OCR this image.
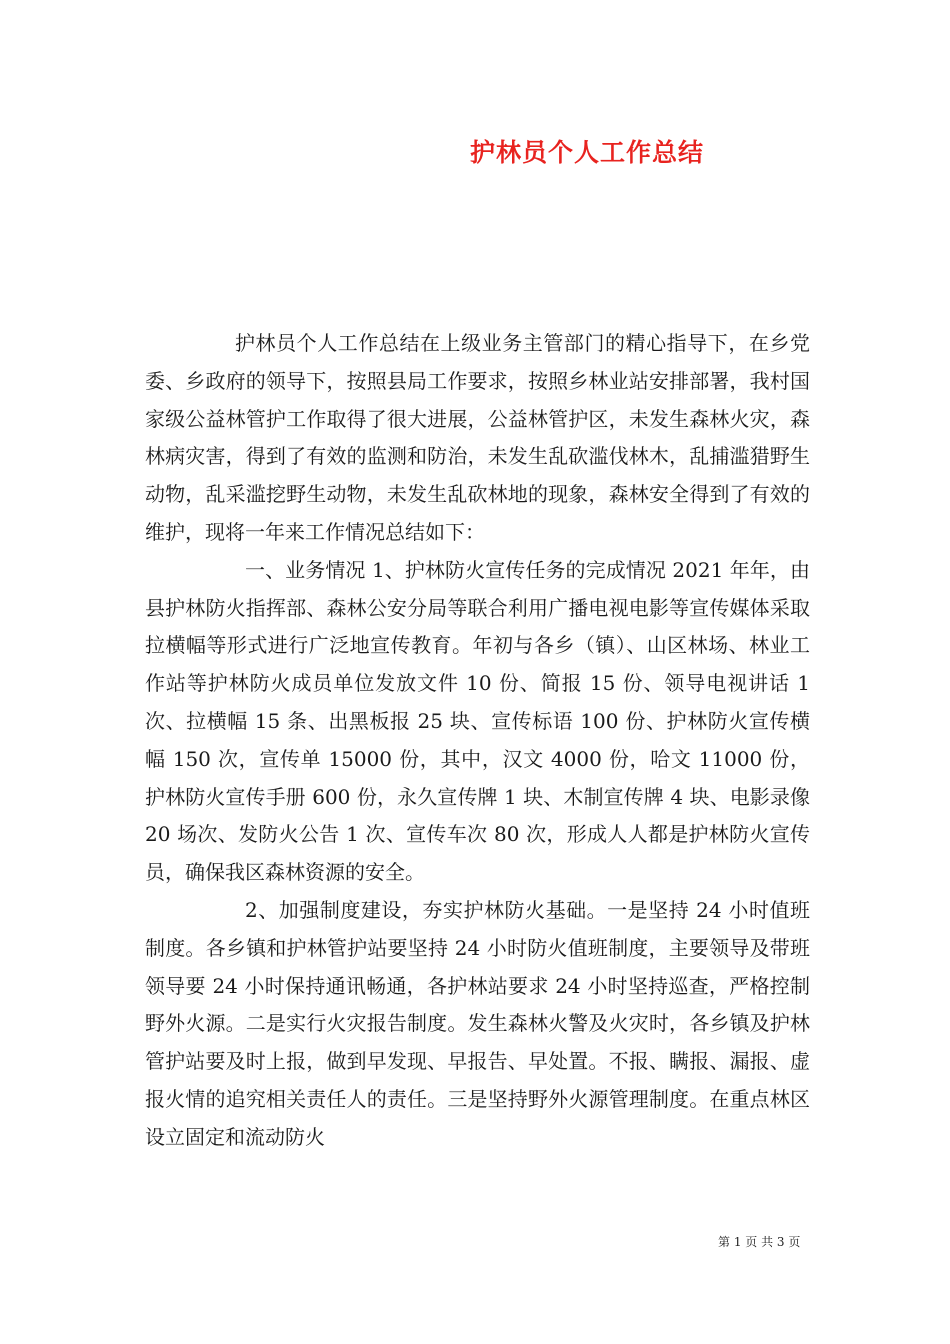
护林员个人工作总结

护林员个人工作总结在上级业务主管部门的精心指导下，在乡党委、乡政府的领导下，按照县局工作要求，按照乡林业站安排部署，我村国家级公益林管护工作取得了很大进展，公益林管护区，未发生森林火灾，森林病灾害，得到了有效的监测和防治，未发生乱砍滥伐林木，乱捕滥猎野生动物，乱采滥挖野生动物，未发生乱砍林地的现象，森林安全得到了有效的维护，现将一年来工作情况总结如下：

一、业务情况 1、护林防火宣传任务的完成情况 2021 年年，由县护林防火指挥部、森林公安分局等联合利用广播电视电影等宣传媒体采取拉横幅等形式进行广泛地宣传教育。年初与各乡（镇）、山区林场、林业工作站等护林防火成员单位发放文件 10 份、简报 15 份、领导电视讲话 1 次、拉横幅 15 条、出黑板报 25 块、宣传标语 100 份、护林防火宣传横幅 150 次，宣传单 15000 份，其中，汉文 4000 份，哈文 11000 份，护林防火宣传手册 600 份，永久宣传牌 1 块、木制宣传牌 4 块、电影录像 20 场次、发防火公告 1 次、宣传车次 80 次，形成人人都是护林防火宣传员，确保我区森林资源的安全。

2、加强制度建设，夯实护林防火基础。一是坚持 24 小时值班制度。各乡镇和护林管护站要坚持 24 小时防火值班制度，主要领导及带班领导要 24 小时保持通讯畅通，各护林站要求 24 小时坚持巡查，严格控制野外火源。二是实行火灾报告制度。发生森林火警及火灾时，各乡镇及护林管护站要及时上报，做到早发现、早报告、早处置。不报、瞒报、漏报、虚报火情的追究相关责任人的责任。三是坚持野外火源管理制度。在重点林区设立固定和流动防火

第 1 页 共 3 页
